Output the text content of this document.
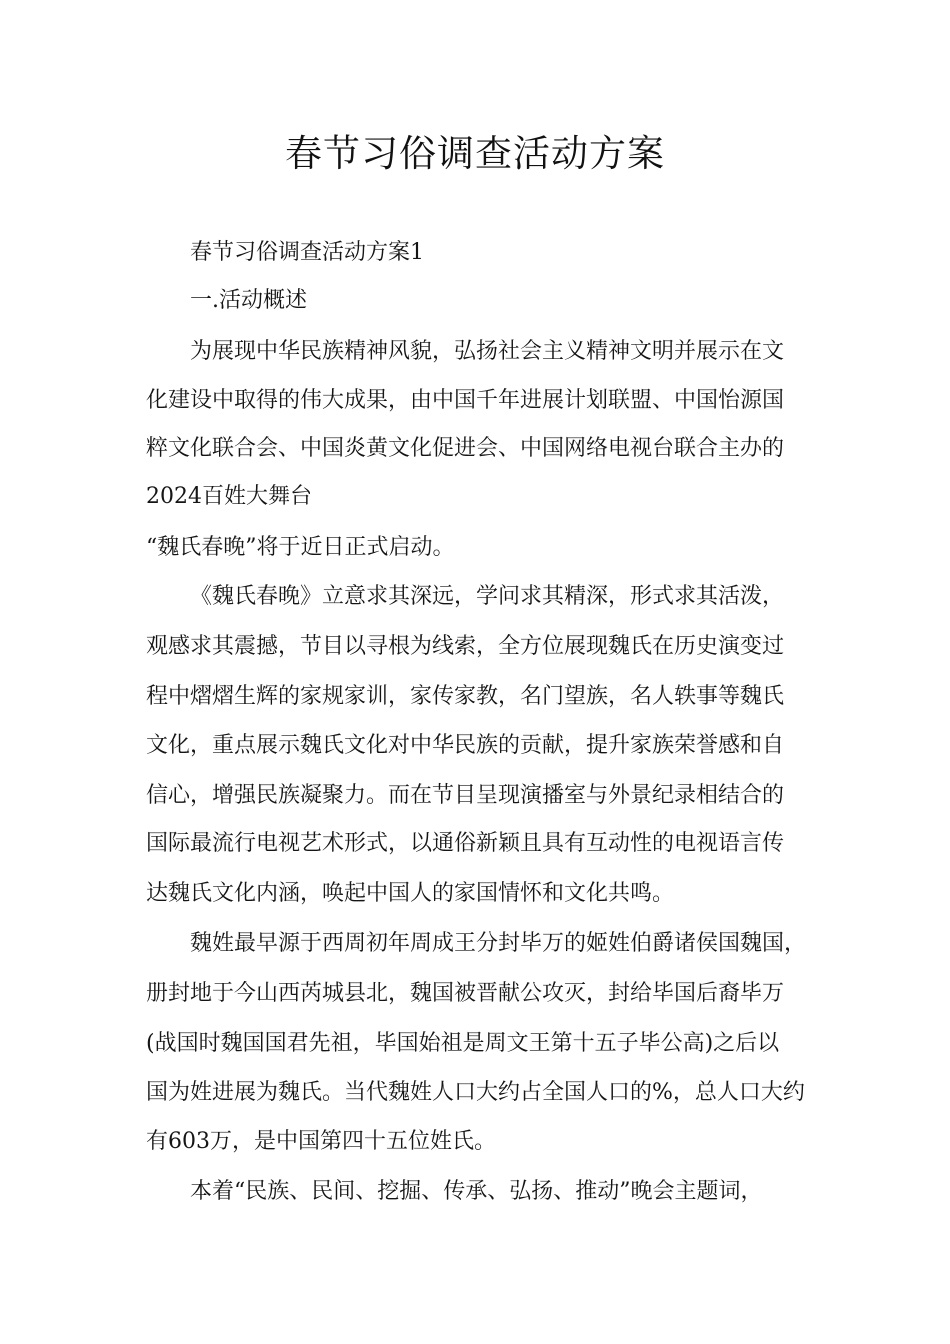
春节习俗调查活动方案
春节习俗调查活动方案1
一.活动概述
为展现中华民族精神风貌，弘扬社会主义精神文明并展示在文
化建设中取得的伟大成果，由中国千年进展计划联盟、中国怡源国
粹文化联合会、中国炎黄文化促进会、中国网络电视台联合主办的
2024百姓大舞台
“魏氏春晚”将于近日正式启动。
《魏氏春晚》立意求其深远，学问求其精深，形式求其活泼，
观感求其震撼，节目以寻根为线索，全方位展现魏氏在历史演变过
程中熠熠生辉的家规家训，家传家教，名门望族，名人轶事等魏氏
文化，重点展示魏氏文化对中华民族的贡献，提升家族荣誉感和自
信心，增强民族凝聚力。而在节目呈现演播室与外景纪录相结合的
国际最流行电视艺术形式，以通俗新颖且具有互动性的电视语言传
达魏氏文化内涵，唤起中国人的家国情怀和文化共鸣。
魏姓最早源于西周初年周成王分封毕万的姬姓伯爵诸侯国魏国，
册封地于今山西芮城县北，魏国被晋献公攻灭，封给毕国后裔毕万
(战国时魏国国君先祖，毕国始祖是周文王第十五子毕公高)之后以
国为姓进展为魏氏。当代魏姓人口大约占全国人口的%，总人口大约
有603万，是中国第四十五位姓氏。
本着“民族、民间、挖掘、传承、弘扬、推动”晚会主题词，
